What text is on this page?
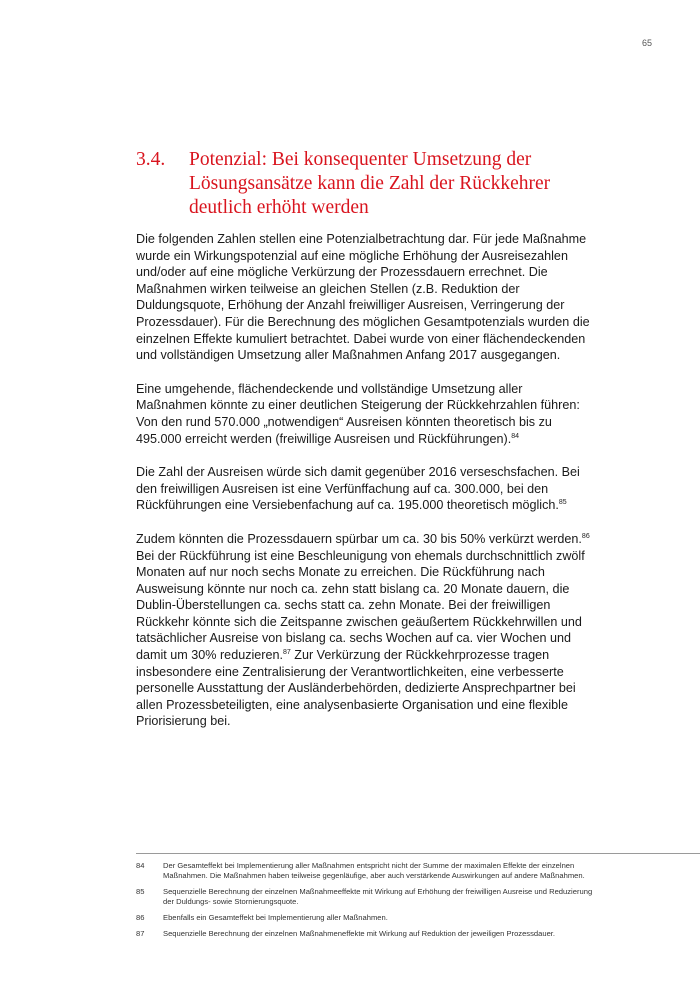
65
3.4.	Potenzial: Bei konsequenter Umsetzung der Lösungsansätze kann die Zahl der Rückkehrer deutlich erhöht werden

Die folgenden Zahlen stellen eine Potenzialbetrachtung dar. Für jede Maßnahme wurde ein Wirkungspotenzial auf eine mögliche Erhöhung der Ausreisezahlen und/oder auf eine mögliche Verkürzung der Prozessdauern errechnet. Die Maßnahmen wirken teilweise an gleichen Stellen (z.B. Reduktion der Duldungsquote, Erhöhung der Anzahl freiwilliger Ausreisen, Verringerung der Prozessdauer). Für die Berechnung des möglichen Gesamtpotenzials wurden die einzelnen Effekte kumuliert betrachtet. Dabei wurde von einer flächendeckenden und vollständigen Umsetzung aller Maßnahmen Anfang 2017 ausgegangen.

Eine umgehende, flächendeckende und vollständige Umsetzung aller Maßnahmen könnte zu einer deutlichen Steigerung der Rückkehrzahlen führen: Von den rund 570.000 „notwendigen“ Ausreisen könnten theoretisch bis zu 495.000 erreicht werden (freiwillige Ausreisen und Rückführungen).$^{84}$

Die Zahl der Ausreisen würde sich damit gegenüber 2016 verseschsfachen. Bei den freiwilligen Ausreisen ist eine Verfünffachung auf ca. 300.000, bei den Rückführungen eine Versiebenfachung auf ca. 195.000 theoretisch möglich.$^{85}$

Zudem könnten die Prozessdauern spürbar um ca. 30 bis 50% verkürzt werden.$^{86}$ Bei der Rückführung ist eine Beschleunigung von ehemals durchschnittlich zwölf Monaten auf nur noch sechs Monate zu erreichen. Die Rückführung nach Ausweisung könnte nur noch ca. zehn statt bislang ca. 20 Monate dauern, die Dublin-Überstellungen ca. sechs statt ca. zehn Monate. Bei der freiwilligen Rückkehr könnte sich die Zeitspanne zwischen geäußertem Rückkehrwillen und tatsächlicher Ausreise von bislang ca. sechs Wochen auf ca. vier Wochen und damit um 30% reduzieren.$^{87}$ Zur Verkürzung der Rückkehrprozesse tragen insbesondere eine Zentralisierung der Verantwortlichkeiten, eine verbesserte personelle Ausstattung der Ausländerbehörden, dedizierte Ansprechpartner bei allen Prozessbeteiligten, eine analysenbasierte Organisation und eine flexible Priorisierung bei.

84 Der Gesamteffekt bei Implementierung aller Maßnahmen entspricht nicht der Summe der maximalen Effekte der einzelnen Maßnahmen. Die Maßnahmen haben teilweise gegenläufige, aber auch verstärkende Auswirkungen auf andere Maßnahmen.
85 Sequenzielle Berechnung der einzelnen Maßnahmeeffekte mit Wirkung auf Erhöhung der freiwilligen Ausreise und Reduzierung der Duldungs- sowie Stornierungsquote.
86 Ebenfalls ein Gesamteffekt bei Implementierung aller Maßnahmen.
87 Sequenzielle Berechnung der einzelnen Maßnahmeneffekte mit Wirkung auf Reduktion der jeweiligen Prozessdauer.
